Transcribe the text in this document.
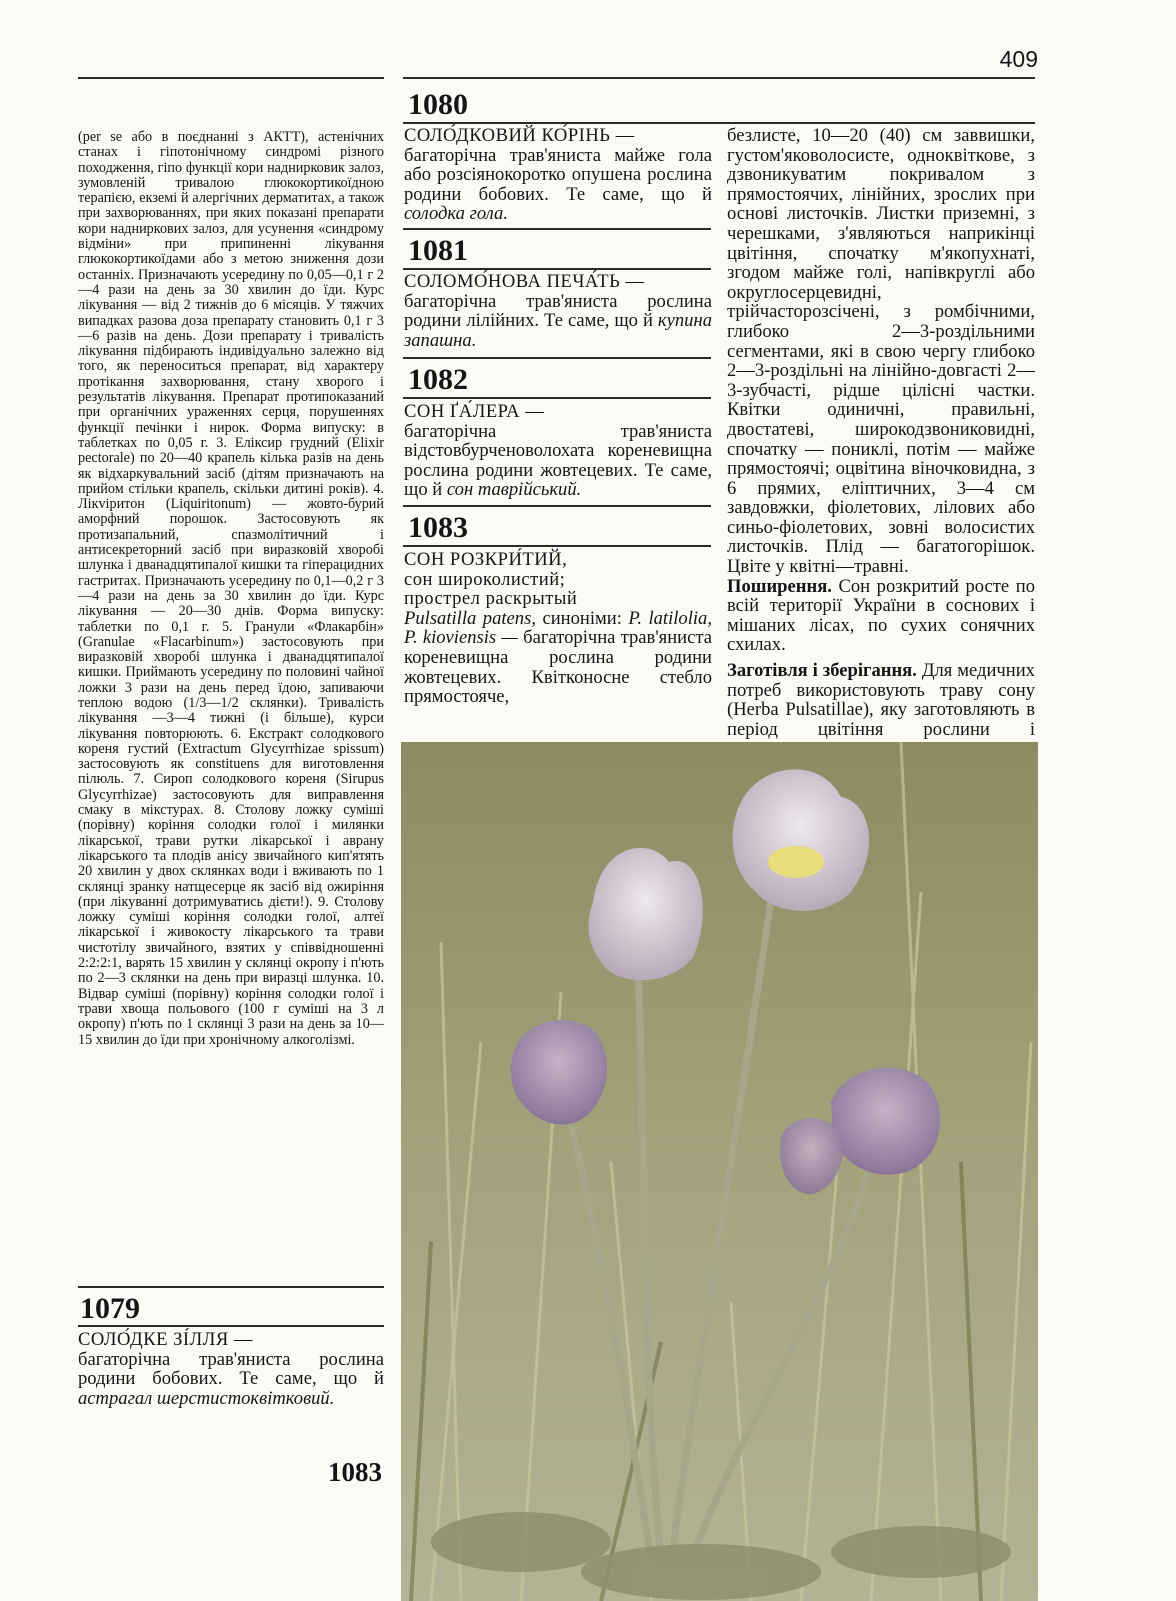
409

(per se або в поєднанні з АКТТ), астенічних станах і гіпотонічному синдромі різного походження, гіпо функції кори наднирковик залоз, зумовленій тривалою глюкокортикоїдною терапією, екземі й алергічних дерматитах, а також при захворюваннях, при яких показані препарати кори надниркових залоз, для усунення «синдрому відміни» при припиненні лікування глюкокортикоїдами або з метою зниження дози останніх. Призначають усередину по 0,05—0,1 г 2—4 рази на день за 30 хвилин до їди. Курс лікування — від 2 тижнів до 6 місяців. У тяжчих випадках разова доза препарату становить 0,1 г 3—6 разів на день. Дози препарату і тривалість лікування підбирають індивідуально залежно від того, як переноситься препарат, від характеру протікання захворювання, стану хворого і результатів лікування. Препарат протипоказаний при органічних ураженнях серця, порушеннях функції печінки і нирок. Форма випуску: в таблетках по 0,05 г. 3. Еліксир грудний (Elixir pectorale) по 20—40 крапель кілька разів на день як відхаркувальний засіб (дітям призначають на прийом стільки крапель, скільки дитині років). 4. Лікviритон (Liquiritonum) — жовто-бурий аморфний порошок. Застосовують як протизапальний, спазмолітичний і антисекреторний засіб при виразковій хворобі шлунка і дванадцятипалої кишки та гіперацидних гастритах. Призначають усередину по 0,1—0,2 г 3—4 рази на день за 30 хвилин до їди. Курс лікування — 20—30 днів. Форма випуску: таблетки по 0,1 г. 5. Гранули «Флакарбін» (Granulae «Flacarbinum») застосовують при виразковій хворобі шлунка і дванадцятипалої кишки. Приймають усередину по половині чайної ложки 3 рази на день перед їдою, запиваючи теплою водою (1/3—1/2 склянки). Тривалість лікування —3—4 тижні (і більше), курси лікування повторюють. 6. Екстракт солодкового кореня густий (Extractum Glycyrrhizae spissum) застосовують як constituens для виготовлення пілюль. 7. Сироп солодкового кореня (Sirupus Glycyrrhizae) застосовують для виправлення смаку в мікстурах. 8. Столову ложку суміші (порівну) коріння солодки голої і милянки лікарської, трави рутки лікарської і аврану лікарського та плодів анісу звичайного кип'ятять 20 хвилин у двох склянках води і вживають по 1 склянці зранку натщесерце як засіб від ожиріння (при лікуванні дотримуватись дієти!). 9. Столову ложку суміші коріння солодки голої, алтеї лікарської і живокосту лікарського та трави чистотілу звичайного, взятих у співвідношенні 2:2:2:1, варять 15 хвилин у склянці окропу і п'ють по 2—3 склянки на день при виразці шлунка. 10. Відвар суміші (порівну) коріння солодки голої і трави хвоща польового (100 г суміші на 3 л окропу) п'ють по 1 склянці 3 рази на день за 10—15 хвилин до їди при хронічному алкоголізмі.

1079
СОЛО́ДКЕ ЗІ́ЛЛЯ —
багаторічна трав'яниста рослина родини бобових. Те саме, що й астрагал шерстистоквітковий.
1080
СОЛО́ДКОВИЙ КО́РІНЬ —
багаторічна трав'яниста майже гола або розсіянокоротко опушена рослина родини бобових. Те саме, що й солодка гола.
1081
СОЛОМО́НОВА ПЕЧА́ТЬ —
багаторічна трав'яниста рослина родини лілійних. Те саме, що й купина запашна.
1082
СОН ҐА́ЛЕРА —
багаторічна трав'яниста відстовбурченоволохата кореневищна рослина родини жовтецевих. Те саме, що й сон таврійський.
1083
СОН РОЗКРИ́ТИЙ,
сон широколистий;
прострел раскрытый
Pulsatilla patens, синоніми: P. latilolia, P. kioviensis — багаторічна трав'яниста кореневищна рослина родини жовтецевих. Квітконосне стебло прямостояче,

безлисте, 10—20 (40) см заввишки, густом'яковолосисте, одноквіткове, з дзвоникуватим покривалом з прямостоячих, лінійних, зрослих при основі листочків. Листки приземні, з черешками, з'являються наприкінці цвітіння, спочатку м'якопухнаті, згодом майже голі, напівкруглі або округлосерцевидні, трійчасторозсічені, з ромбічними, глибоко 2—3-роздільними сегментами, які в свою чергу глибоко 2—3-роздільні на лінійно-довгасті 2—3-зубчасті, рідше цілісні частки. Квітки одиничні, правильні, двостатеві, широкодзвониковидні, спочатку — пониклі, потім — майже прямостоячі; оцвітина віночковидна, з 6 прямих, еліптичних, 3—4 см завдовжки, фіолетових, лілових або синьо-фіолетових, зовні волосистих листочків. Плід — багатогорішок. Цвіте у квітні—травні.

Поширення. Сон розкритий росте по всій території України в соснових і мішаних лісах, по сухих сонячних схилах.

Заготівля і зберігання. Для медичних потреб використовують траву сону (Herba Pulsatillae), яку заготовляють в період цвітіння рослини і

1083
